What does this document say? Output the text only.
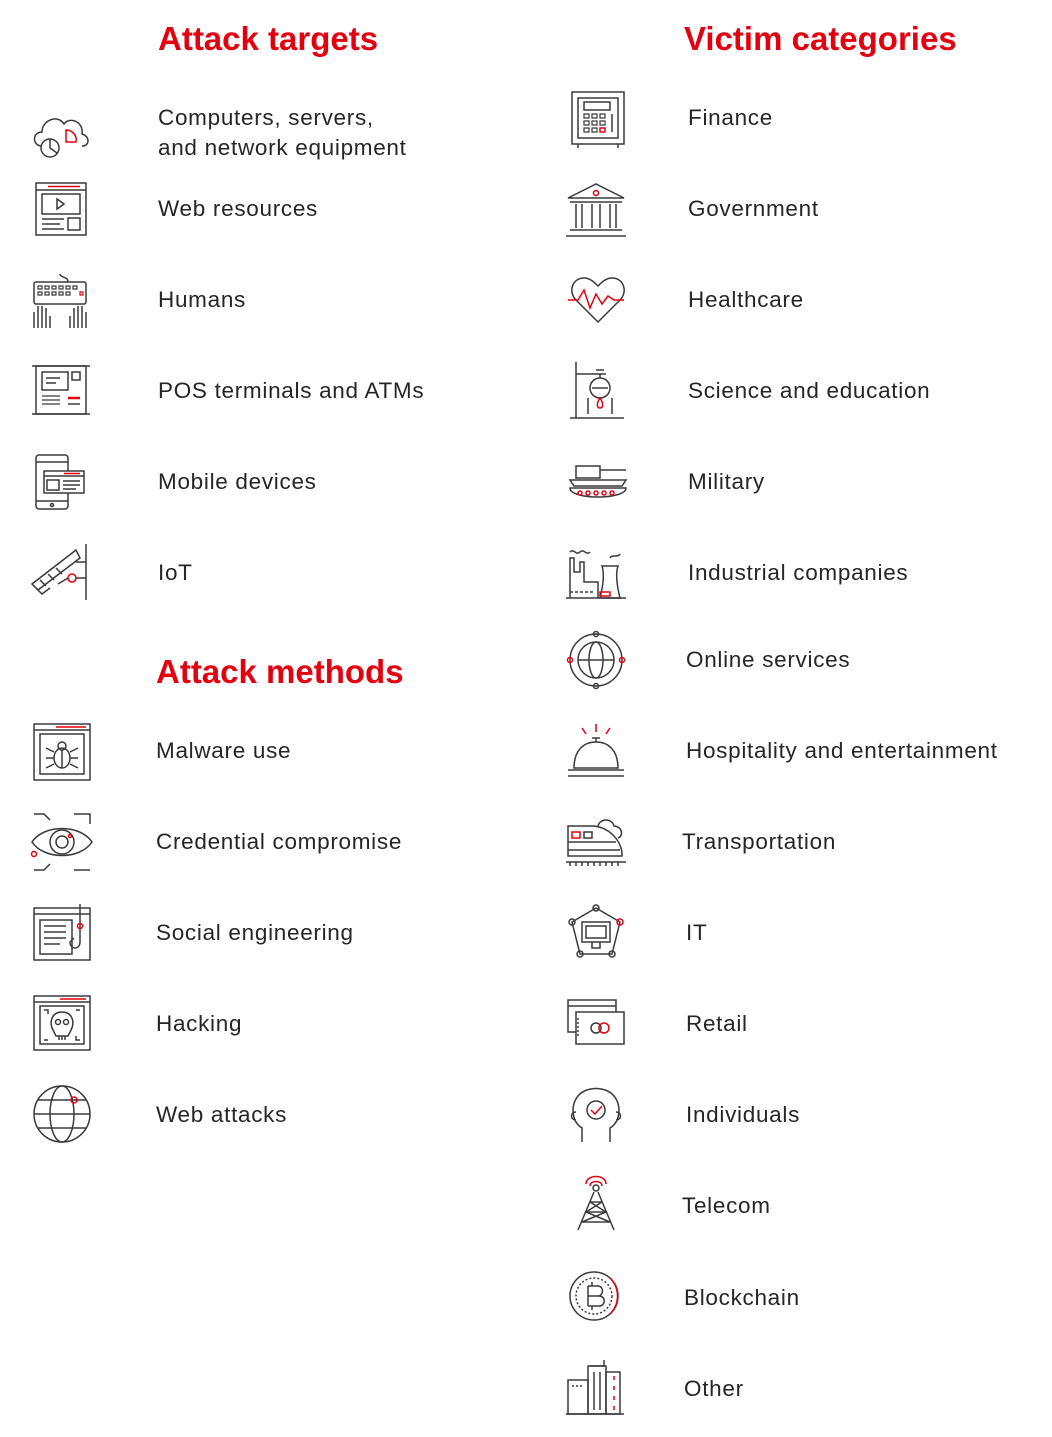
Attack targets
Computers, servers,
and network equipment
Web resources
Humans
POS terminals and ATMs
Mobile devices
IoT
Attack methods
Malware use
Credential compromise
Social engineering
Hacking
Web attacks
Victim categories
Finance
Government
Healthcare
Science and education
Military
Industrial companies
Online services
Hospitality and entertainment
Transportation
IT
Retail
Individuals
Telecom
Blockchain
Other
